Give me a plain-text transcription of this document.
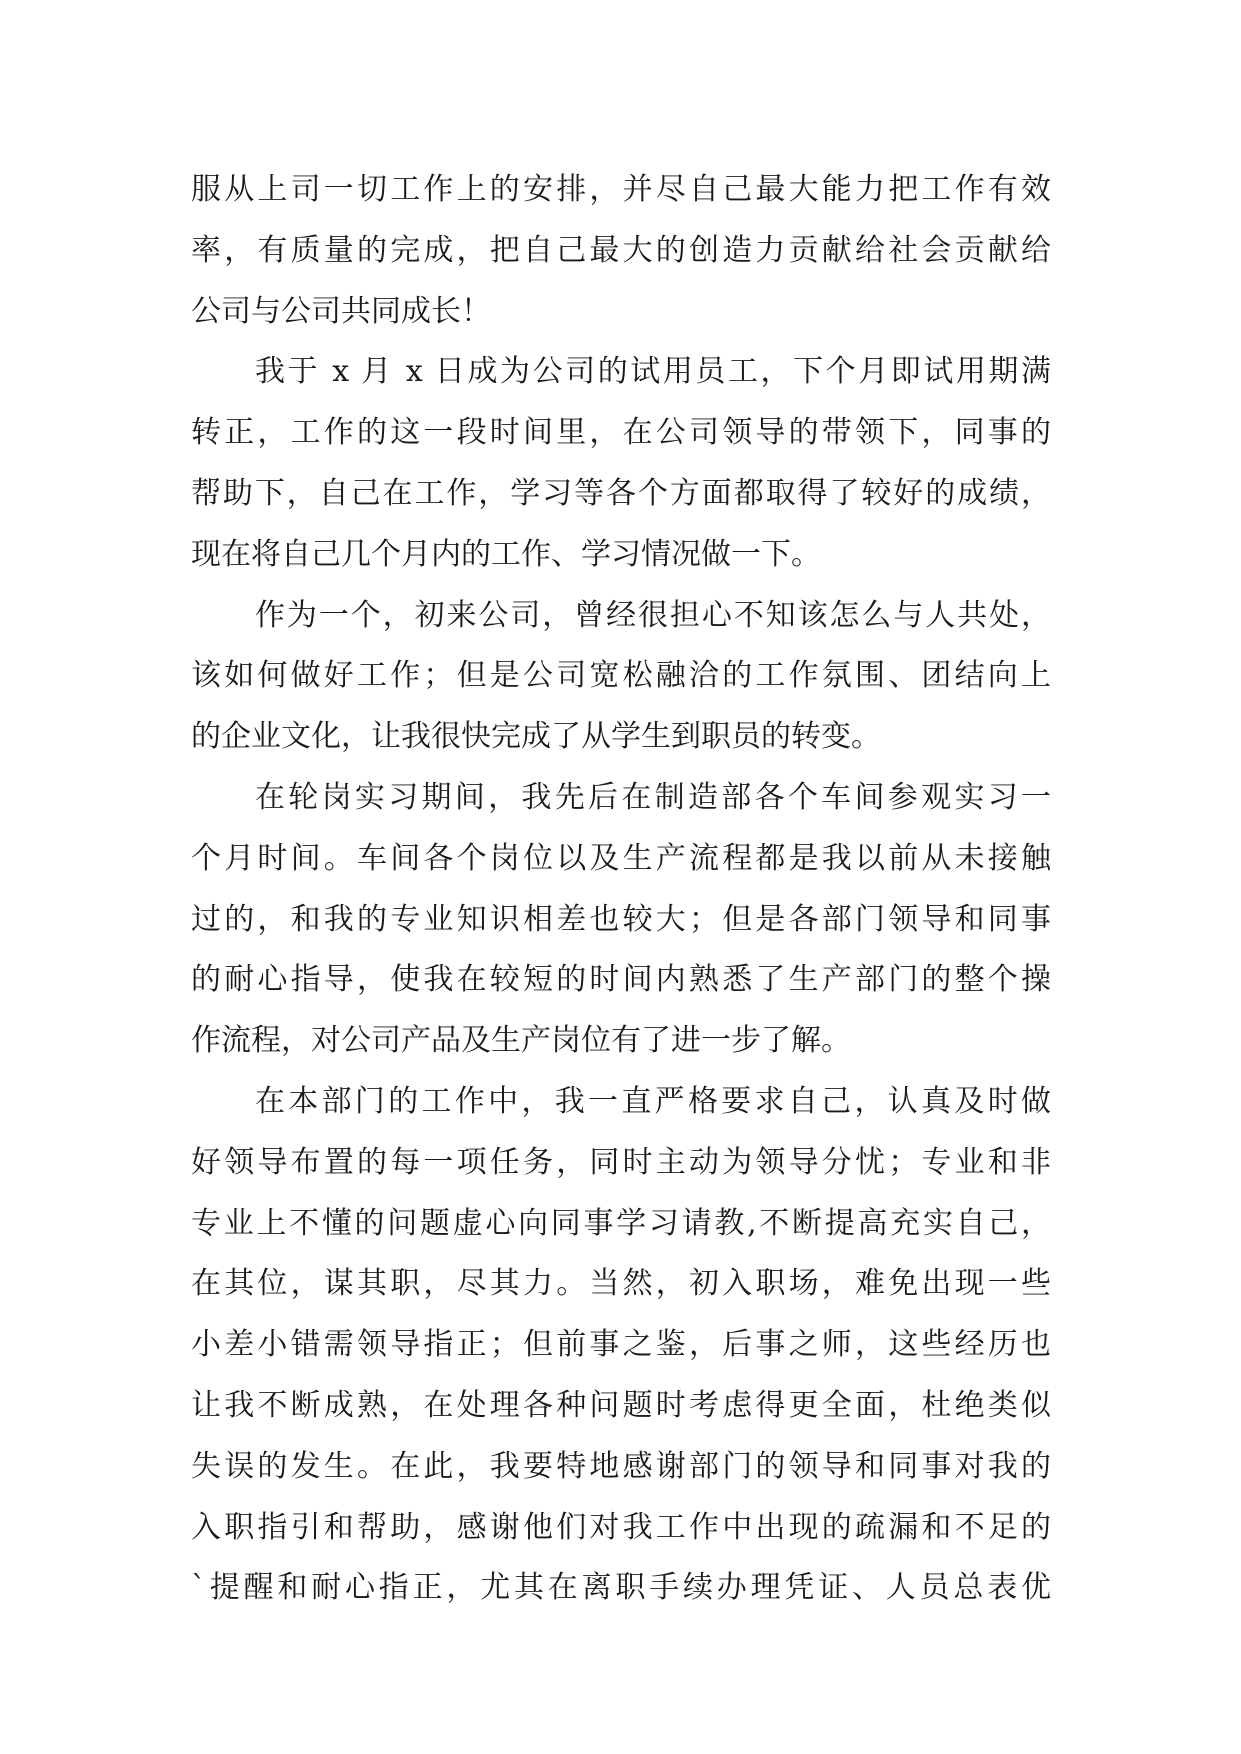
服从上司一切工作上的安排，并尽自己最大能力把工作有效
率，有质量的完成，把自己最大的创造力贡献给社会贡献给
公司与公司共同成长！
我于 x 月 x 日成为公司的试用员工，下个月即试用期满
转正，工作的这一段时间里，在公司领导的带领下，同事的
帮助下，自己在工作，学习等各个方面都取得了较好的成绩，
现在将自己几个月内的工作、学习情况做一下。
作为一个，初来公司，曾经很担心不知该怎么与人共处，
该如何做好工作；但是公司宽松融洽的工作氛围、团结向上
的企业文化，让我很快完成了从学生到职员的转变。
在轮岗实习期间，我先后在制造部各个车间参观实习一
个月时间。车间各个岗位以及生产流程都是我以前从未接触
过的，和我的专业知识相差也较大；但是各部门领导和同事
的耐心指导，使我在较短的时间内熟悉了生产部门的整个操
作流程，对公司产品及生产岗位有了进一步了解。
在本部门的工作中，我一直严格要求自己，认真及时做
好领导布置的每一项任务，同时主动为领导分忧；专业和非
专业上不懂的问题虚心向同事学习请教,不断提高充实自己，
在其位，谋其职，尽其力。当然，初入职场，难免出现一些
小差小错需领导指正；但前事之鉴，后事之师，这些经历也
让我不断成熟，在处理各种问题时考虑得更全面，杜绝类似
失误的发生。在此，我要特地感谢部门的领导和同事对我的
入职指引和帮助，感谢他们对我工作中出现的疏漏和不足的
`提醒和耐心指正，尤其在离职手续办理凭证、人员总表优
